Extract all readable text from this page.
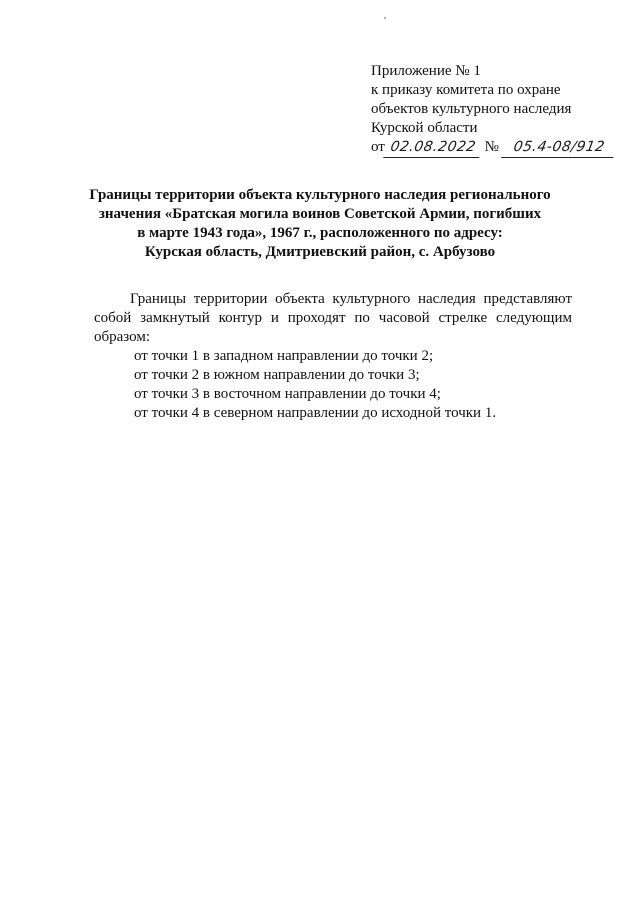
Приложение № 1
к приказу комитета по охране
объектов культурного наследия
Курской области
от 02.08.2022 № 05.4-08/912
Границы территории объекта культурного наследия регионального
значения «Братская могила воинов Советской Армии, погибших
в марте 1943 года», 1967 г., расположенного по адресу:
Курская область, Дмитриевский район, с. Арбузово

Границы территории объекта культурного наследия представляют собой замкнутый контур и проходят по часовой стрелке следующим образом:

от точки 1 в западном направлении до точки 2;
от точки 2 в южном направлении до точки 3;
от точки 3 в восточном направлении до точки 4;
от точки 4 в северном направлении до исходной точки 1.
